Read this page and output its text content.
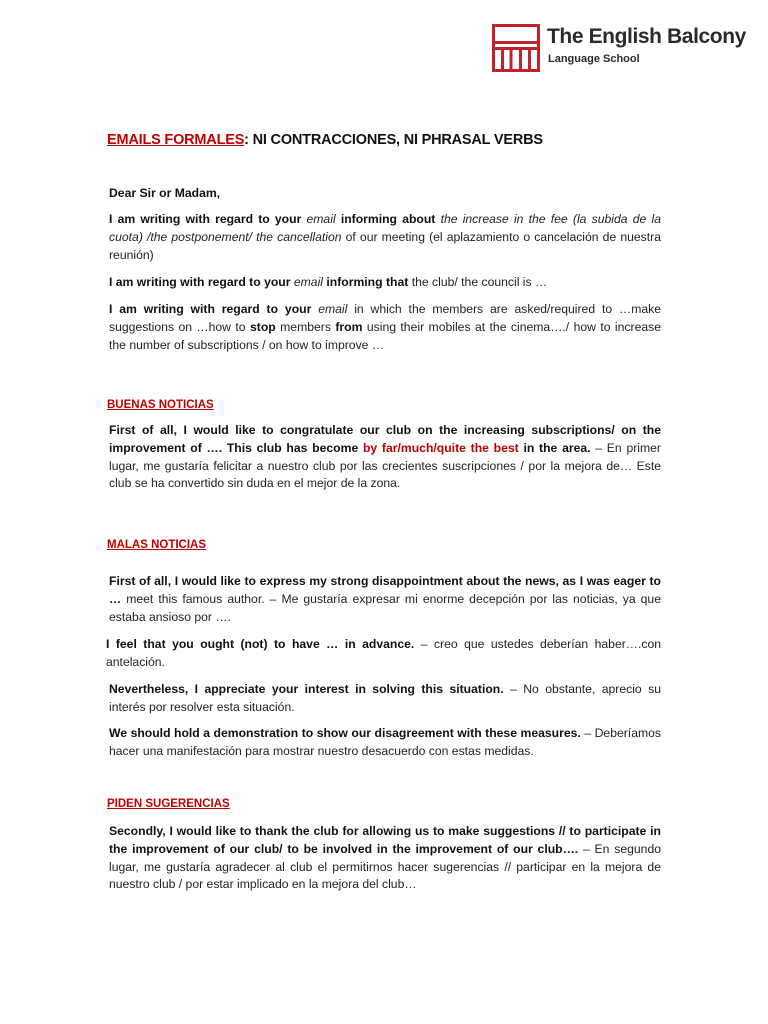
The English Balcony
Language School
EMAILS FORMALES: NI CONTRACCIONES, NI PHRASAL VERBS
Dear Sir or Madam,
I am writing with regard to your email informing about the increase in the fee (la subida de la cuota) /the postponement/ the cancellation of our meeting (el aplazamiento o cancelación de nuestra reunión)
I am writing with regard to your email informing that the club/ the council is …
I am writing with regard to your email in which the members are asked/required to …make suggestions on …how to stop members from using their mobiles at the cinema…./ how to increase the number of subscriptions / on how to improve …
BUENAS NOTICIAS
First of all, I would like to congratulate our club on the increasing subscriptions/ on the improvement of …. This club has become by far/much/quite the best in the area. – En primer lugar, me gustaría felicitar a nuestro club por las crecientes suscripciones / por la mejora de… Este club se ha convertido sin duda en el mejor de la zona.
MALAS NOTICIAS
First of all, I would like to express my strong disappointment about the news, as I was eager to … meet this famous author. – Me gustaría expresar mi enorme decepción por las noticias, ya que estaba ansioso por ….
I feel that you ought (not) to have … in advance. – creo que ustedes deberían haber….con antelación.
Nevertheless, I appreciate your interest in solving this situation. – No obstante, aprecio su interés por resolver esta situación.
We should hold a demonstration to show our disagreement with these measures. – Deberíamos hacer una manifestación para mostrar nuestro desacuerdo con estas medidas.
PIDEN SUGERENCIAS
Secondly, I would like to thank the club for allowing us to make suggestions // to participate in the improvement of our club/ to be involved in the improvement of our club…. – En segundo lugar, me gustaría agradecer al club el permitirnos hacer sugerencias // participar en la mejora de nuestro club / por estar implicado en la mejora del club…
